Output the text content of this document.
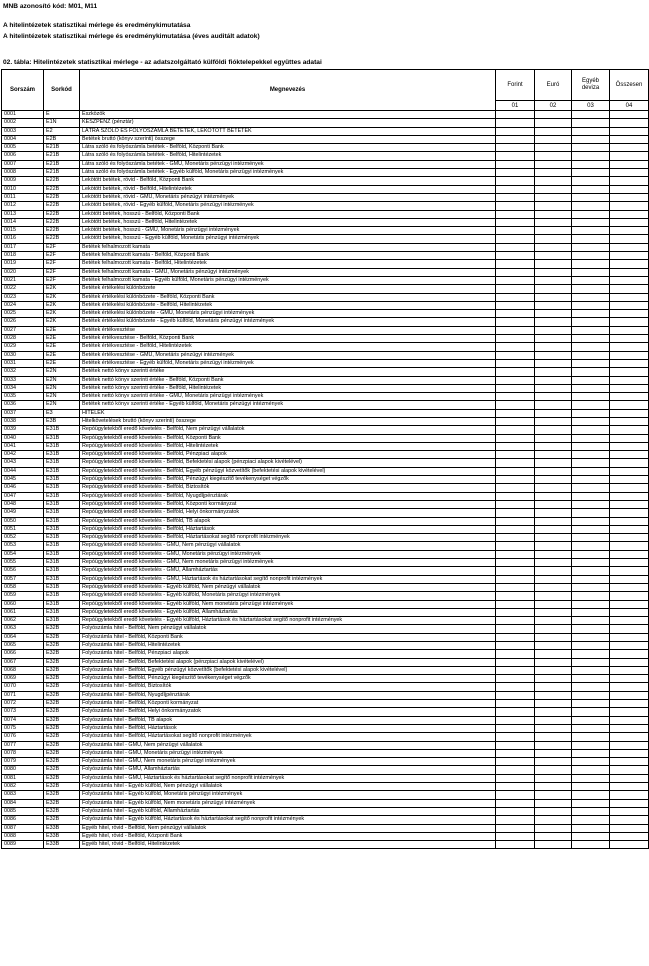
MNB azonosító kód: M01, M11
A hitelintézetek statisztikai mérlege és eredménykimutatása
A hitelintézetek statisztikai mérlege és eredménykimutatása (éves auditált adatok)
02. tábla: Hitelintézetek statisztikai mérlege - az adatszolgáltató külföldi fióktelepekkel együttes adatai
Sorszám	Sorkód	Megnevezés	Forint	Euró	Egyéb deviza	Összesen
			01	02	03	04
0001	E	Eszközök				
0002	E1N	KÉSZPÉNZ (pénztár)				
0003	E2	LÁTRA SZÓLÓ ÉS FOLYÓSZÁMLA BETÉTEK, LEKÖTÖTT BETÉTEK				
0004	E2B	Betétek bruttó (könyv szerinti) összege				
0005	E21B	Látra szóló és folyószámla betétek - Belföld, Központi Bank				
0006	E21B	Látra szóló és folyószámla betétek - Belföld, Hitelintézetek				
0007	E21B	Látra szóló és folyószámla betétek - GMU, Monetáris pénzügyi intézmények				
0008	E21B	Látra szóló és folyószámla betétek - Egyéb külföld, Monetáris pénzügyi intézmények				
0009	E22B	Lekötött betétek, rövid - Belföld, Központi Bank				
0010	E22B	Lekötött betétek, rövid - Belföld, Hitelintézetek				
0011	E22B	Lekötött betétek, rövid - GMU, Monetáris pénzügyi intézmények				
0012	E22B	Lekötött betétek, rövid - Egyéb külföld, Monetáris pénzügyi intézmények				
0013	E22B	Lekötött betétek, hosszú - Belföld, Központi Bank				
0014	E22B	Lekötött betétek, hosszú - Belföld, Hitelintézetek				
0015	E22B	Lekötött betétek, hosszú - GMU, Monetáris pénzügyi intézmények				
0016	E22B	Lekötött betétek, hosszú - Egyéb külföld, Monetáris pénzügyi intézmények				
0017	E2F	Betétek felhalmozott kamata				
0018	E2F	Betétek felhalmozott kamata - Belföld, Központi Bank				
0019	E2F	Betétek felhalmozott kamata - Belföld, Hitelintézetek				
0020	E2F	Betétek felhalmozott kamata - GMU, Monetáris pénzügyi intézmények				
0021	E2F	Betétek felhalmozott kamata - Egyéb külföld, Monetáris pénzügyi intézmények				
0022	E2K	Betétek értékelési különbözete				
0023	E2K	Betétek értékelési különbözete - Belföld, Központi Bank				
0024	E2K	Betétek értékelési különbözete - Belföld, Hitelintézetek				
0025	E2K	Betétek értékelési különbözete - GMU, Monetáris pénzügyi intézmények				
0026	E2K	Betétek értékelési különbözete - Egyéb külföld, Monetáris pénzügyi intézmények				
0027	E2E	Betétek értékvesztése				
0028	E2E	Betétek értékvesztése - Belföld, Központi Bank				
0029	E2E	Betétek értékvesztése - Belföld, Hitelintézetek				
0030	E2E	Betétek értékvesztése - GMU, Monetáris pénzügyi intézmények				
0031	E2E	Betétek értékvesztése - Egyéb külföld, Monetáris pénzügyi intézmények				
0032	E2N	Betétek nettó könyv szerinti értéke				
0033	E2N	Betétek nettó könyv szerinti értéke - Belföld, Központi Bank				
0034	E2N	Betétek nettó könyv szerinti értéke - Belföld, Hitelintézetek				
0035	E2N	Betétek nettó könyv szerinti értéke - GMU, Monetáris pénzügyi intézmények				
0036	E2N	Betétek nettó könyv szerinti értéke - Egyéb külföld, Monetáris pénzügyi intézmények				
0037	E3	HITELEK				
0038	E3B	Hitelkövetelések bruttó (könyv szerinti) összege				
0039	E31B	Repóügyletekből eredő követelés - Belföld, Nem pénzügyi vállalatok				
0040	E31B	Repóügyletekből eredő követelés - Belföld, Központi Bank				
0041	E31B	Repóügyletekből eredő követelés - Belföld, Hitelintézetek				
0042	E31B	Repóügyletekből eredő követelés - Belföld, Pénzpiaci alapok				
0043	E31B	Repóügyletekből eredő követelés - Belföld, Befektetési alapok (pénzpiaci alapok kivételével)				
0044	E31B	Repóügyletekből eredő követelés - Belföld, Egyéb pénzügyi közvetítők (befektetési alapok kivételével)				
0045	E31B	Repóügyletekből eredő követelés - Belföld, Pénzügyi kiegészítő tevékenységet végzők				
0046	E31B	Repóügyletekből eredő követelés - Belföld, Biztosítók				
0047	E31B	Repóügyletekből eredő követelés - Belföld, Nyugdíjpénztárak				
0048	E31B	Repóügyletekből eredő követelés - Belföld, Központi kormányzat				
0049	E31B	Repóügyletekből eredő követelés - Belföld, Helyi önkormányzatok				
0050	E31B	Repóügyletekből eredő követelés - Belföld, TB alapok				
0051	E31B	Repóügyletekből eredő követelés - Belföld, Háztartások				
0052	E31B	Repóügyletekből eredő követelés - Belföld, Háztartásokat segítő nonprofit intézmények				
0053	E31B	Repóügyletekből eredő követelés - GMU, Nem pénzügyi vállalatok				
0054	E31B	Repóügyletekből eredő követelés - GMU, Monetáris pénzügyi intézmények				
0055	E31B	Repóügyletekből eredő követelés - GMU, Nem monetáris pénzügyi intézmények				
0056	E31B	Repóügyletekből eredő követelés - GMU, Államháztartás				
0057	E31B	Repóügyletekből eredő követelés - GMU, Háztartások és háztartásokat segítő nonprofit intézmények				
0058	E31B	Repóügyletekből eredő követelés - Egyéb külföld, Nem pénzügyi vállalatok				
0059	E31B	Repóügyletekből eredő követelés - Egyéb külföld, Monetáris pénzügyi intézmények				
0060	E31B	Repóügyletekből eredő követelés - Egyéb külföld, Nem monetáris pénzügyi intézmények				
0061	E31B	Repóügyletekből eredő követelés - Egyéb külföld, Államháztartás				
0062	E31B	Repóügyletekből eredő követelés - Egyéb külföld, Háztartások és háztartásokat segítő nonprofit intézmények				
0063	E32B	Folyószámla hitel - Belföld, Nem pénzügyi vállalatok				
0064	E32B	Folyószámla hitel - Belföld, Központi Bank				
0065	E32B	Folyószámla hitel - Belföld, Hitelintézetek				
0066	E32B	Folyószámla hitel - Belföld, Pénzpiaci alapok				
0067	E32B	Folyószámla hitel - Belföld, Befektetési alapok (pénzpiaci alapok kivételével)				
0068	E32B	Folyószámla hitel - Belföld, Egyéb pénzügyi közvetítők (befektetési alapok kivételével)				
0069	E32B	Folyószámla hitel - Belföld, Pénzügyi kiegészítő tevékenységet végzők				
0070	E32B	Folyószámla hitel - Belföld, Biztosítók				
0071	E32B	Folyószámla hitel - Belföld, Nyugdíjpénztárak				
0072	E32B	Folyószámla hitel - Belföld, Központi kormányzat				
0073	E32B	Folyószámla hitel - Belföld, Helyi önkormányzatok				
0074	E32B	Folyószámla hitel - Belföld, TB alapok				
0075	E32B	Folyószámla hitel - Belföld, Háztartások				
0076	E32B	Folyószámla hitel - Belföld, Háztartásokat segítő nonprofit intézmények				
0077	E32B	Folyószámla hitel - GMU, Nem pénzügyi vállalatok				
0078	E32B	Folyószámla hitel - GMU, Monetáris pénzügyi intézmények				
0079	E32B	Folyószámla hitel - GMU, Nem monetáris pénzügyi intézmények				
0080	E32B	Folyószámla hitel - GMU, Államháztartás				
0081	E32B	Folyószámla hitel - GMU, Háztartások és háztartásokat segítő nonprofit intézmények				
0082	E32B	Folyószámla hitel - Egyéb külföld, Nem pénzügyi vállalatok				
0083	E32B	Folyószámla hitel - Egyéb külföld, Monetáris pénzügyi intézmények				
0084	E32B	Folyószámla hitel - Egyéb külföld, Nem monetáris pénzügyi intézmények				
0085	E32B	Folyószámla hitel - Egyéb külföld, Államháztartás				
0086	E32B	Folyószámla hitel - Egyéb külföld, Háztartások és háztartásokat segítő nonprofit intézmények				
0087	E33B	Egyéb hitel, rövid - Belföld, Nem pénzügyi vállalatok				
0088	E33B	Egyéb hitel, rövid - Belföld, Központi Bank				
0089	E33B	Egyéb hitel, rövid - Belföld, Hitelintézetek				
